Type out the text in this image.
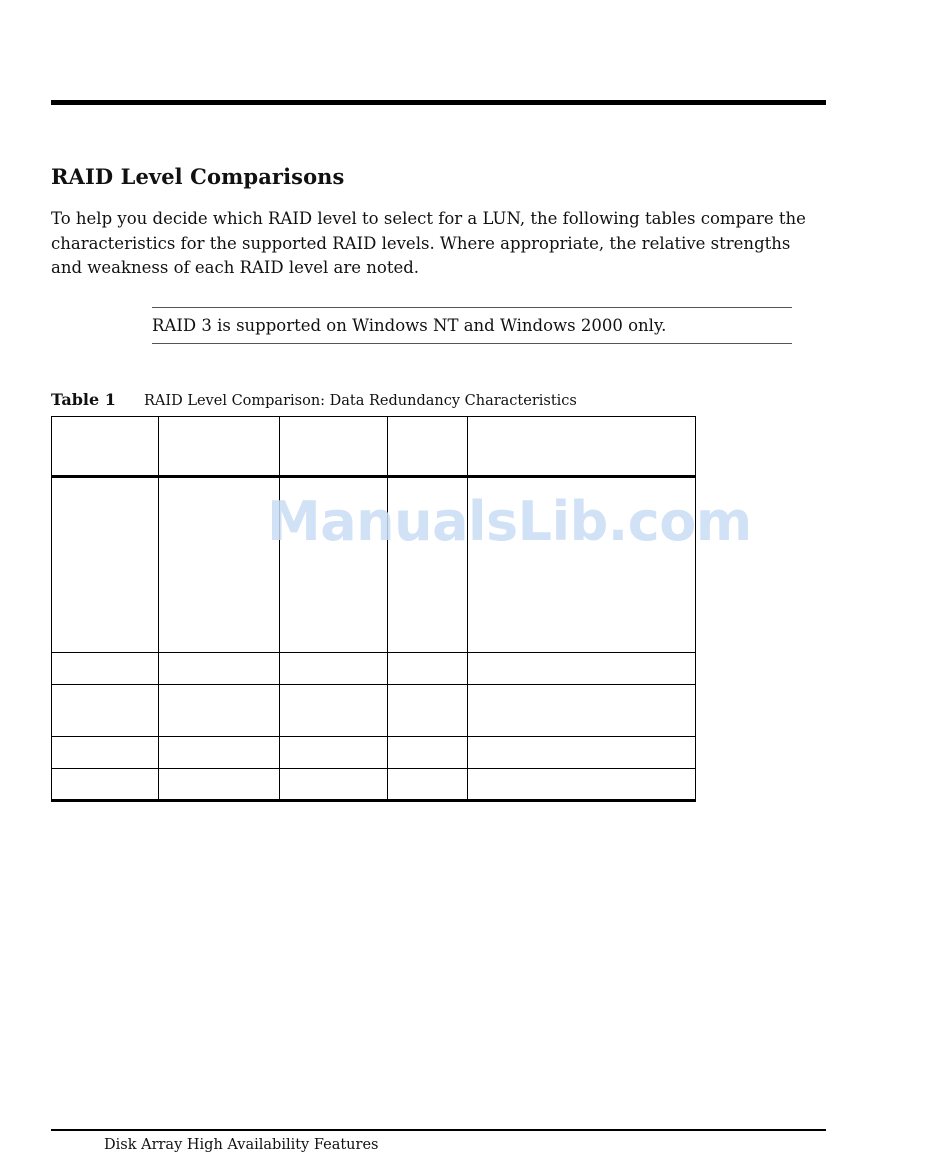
RAID Level Comparisons

To help you decide which RAID level to select for a LUN, the following tables compare the characteristics for the supported RAID levels. Where appropriate, the relative strengths and weakness of each RAID level are noted.

RAID 3 is supported on Windows NT and Windows 2000 only.
Table 1 RAID Level Comparison: Data Redundancy Characteristics

ManualsLib.com
Disk Array High Availability Features
